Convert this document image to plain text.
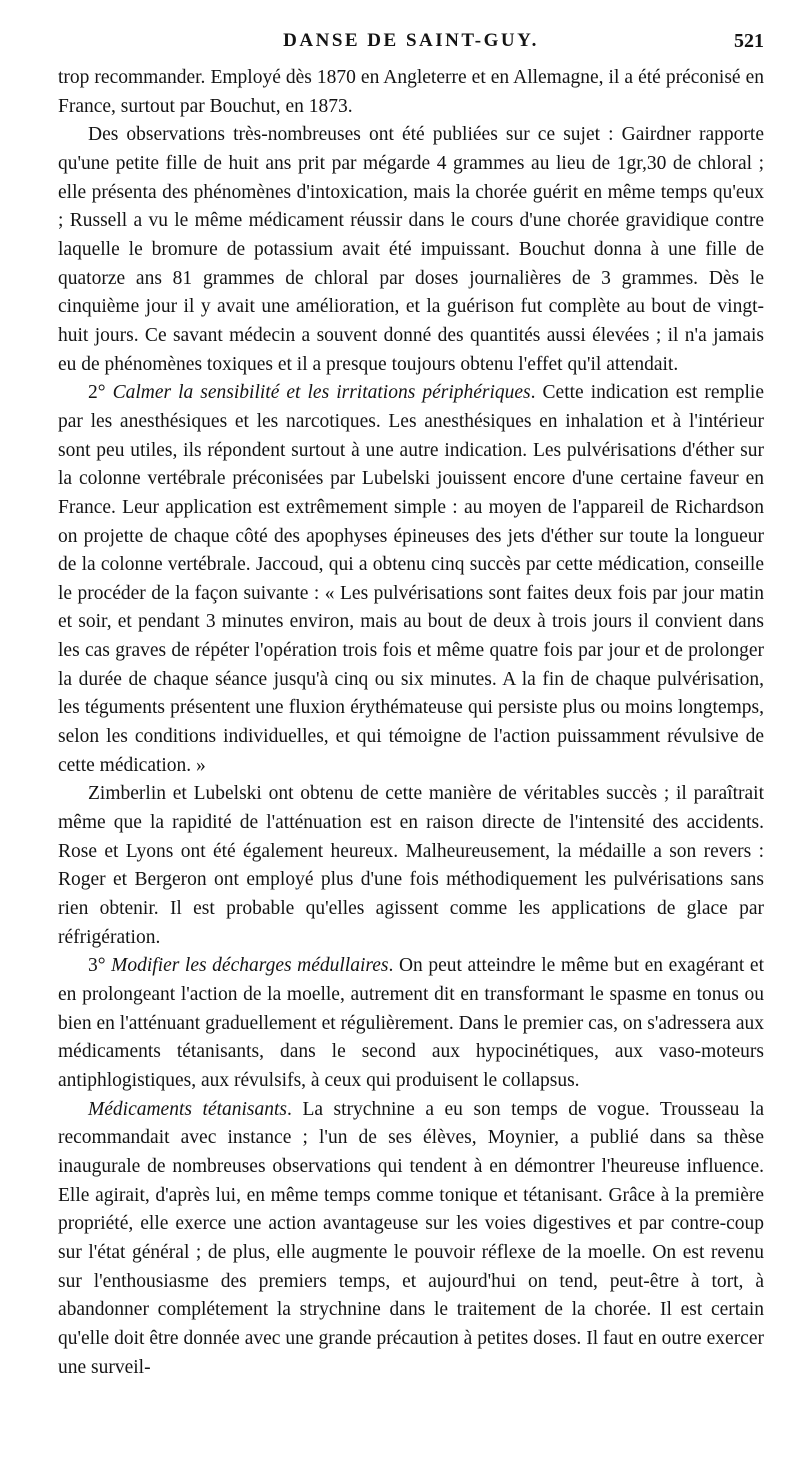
DANSE DE SAINT-GUY.	521

trop recommander. Employé dès 1870 en Angleterre et en Allemagne, il a été préconisé en France, surtout par Bouchut, en 1873.

Des observations très-nombreuses ont été publiées sur ce sujet : Gairdner rapporte qu'une petite fille de huit ans prit par mégarde 4 grammes au lieu de 1gr,30 de chloral ; elle présenta des phénomènes d'intoxication, mais la chorée guérit en même temps qu'eux ; Russell a vu le même médicament réussir dans le cours d'une chorée gravidique contre laquelle le bromure de potassium avait été impuissant. Bouchut donna à une fille de quatorze ans 81 grammes de chloral par doses journalières de 3 grammes. Dès le cinquième jour il y avait une amélioration, et la guérison fut complète au bout de vingt-huit jours. Ce savant médecin a souvent donné des quantités aussi élevées ; il n'a jamais eu de phénomènes toxiques et il a presque toujours obtenu l'effet qu'il attendait.

2° Calmer la sensibilité et les irritations périphériques. Cette indication est remplie par les anesthésiques et les narcotiques. Les anesthésiques en inhalation et à l'intérieur sont peu utiles, ils répondent surtout à une autre indication. Les pulvérisations d'éther sur la colonne vertébrale préconisées par Lubelski jouissent encore d'une certaine faveur en France. Leur application est extrêmement simple : au moyen de l'appareil de Richardson on projette de chaque côté des apophyses épineuses des jets d'éther sur toute la longueur de la colonne vertébrale. Jaccoud, qui a obtenu cinq succès par cette médication, conseille le procéder de la façon suivante : « Les pulvérisations sont faites deux fois par jour matin et soir, et pendant 3 minutes environ, mais au bout de deux à trois jours il convient dans les cas graves de répéter l'opération trois fois et même quatre fois par jour et de prolonger la durée de chaque séance jusqu'à cinq ou six minutes. A la fin de chaque pulvérisation, les téguments présentent une fluxion érythémateuse qui persiste plus ou moins longtemps, selon les conditions individuelles, et qui témoigne de l'action puissamment révulsive de cette médication. »

Zimberlin et Lubelski ont obtenu de cette manière de véritables succès ; il paraîtrait même que la rapidité de l'atténuation est en raison directe de l'intensité des accidents. Rose et Lyons ont été également heureux. Malheureusement, la médaille a son revers : Roger et Bergeron ont employé plus d'une fois méthodiquement les pulvérisations sans rien obtenir. Il est probable qu'elles agissent comme les applications de glace par réfrigération.

3° Modifier les décharges médullaires. On peut atteindre le même but en exagérant et en prolongeant l'action de la moelle, autrement dit en transformant le spasme en tonus ou bien en l'atténuant graduellement et régulièrement. Dans le premier cas, on s'adressera aux médicaments tétanisants, dans le second aux hypocinétiques, aux vaso-moteurs antiphlogistiques, aux révulsifs, à ceux qui produisent le collapsus.

Médicaments tétanisants. La strychnine a eu son temps de vogue. Trousseau la recommandait avec instance ; l'un de ses élèves, Moynier, a publié dans sa thèse inaugurale de nombreuses observations qui tendent à en démontrer l'heureuse influence. Elle agirait, d'après lui, en même temps comme tonique et tétanisant. Grâce à la première propriété, elle exerce une action avantageuse sur les voies digestives et par contre-coup sur l'état général ; de plus, elle augmente le pouvoir réflexe de la moelle. On est revenu sur l'enthousiasme des premiers temps, et aujourd'hui on tend, peut-être à tort, à abandonner complétement la strychnine dans le traitement de la chorée. Il est certain qu'elle doit être donnée avec une grande précaution à petites doses. Il faut en outre exercer une surveil-
